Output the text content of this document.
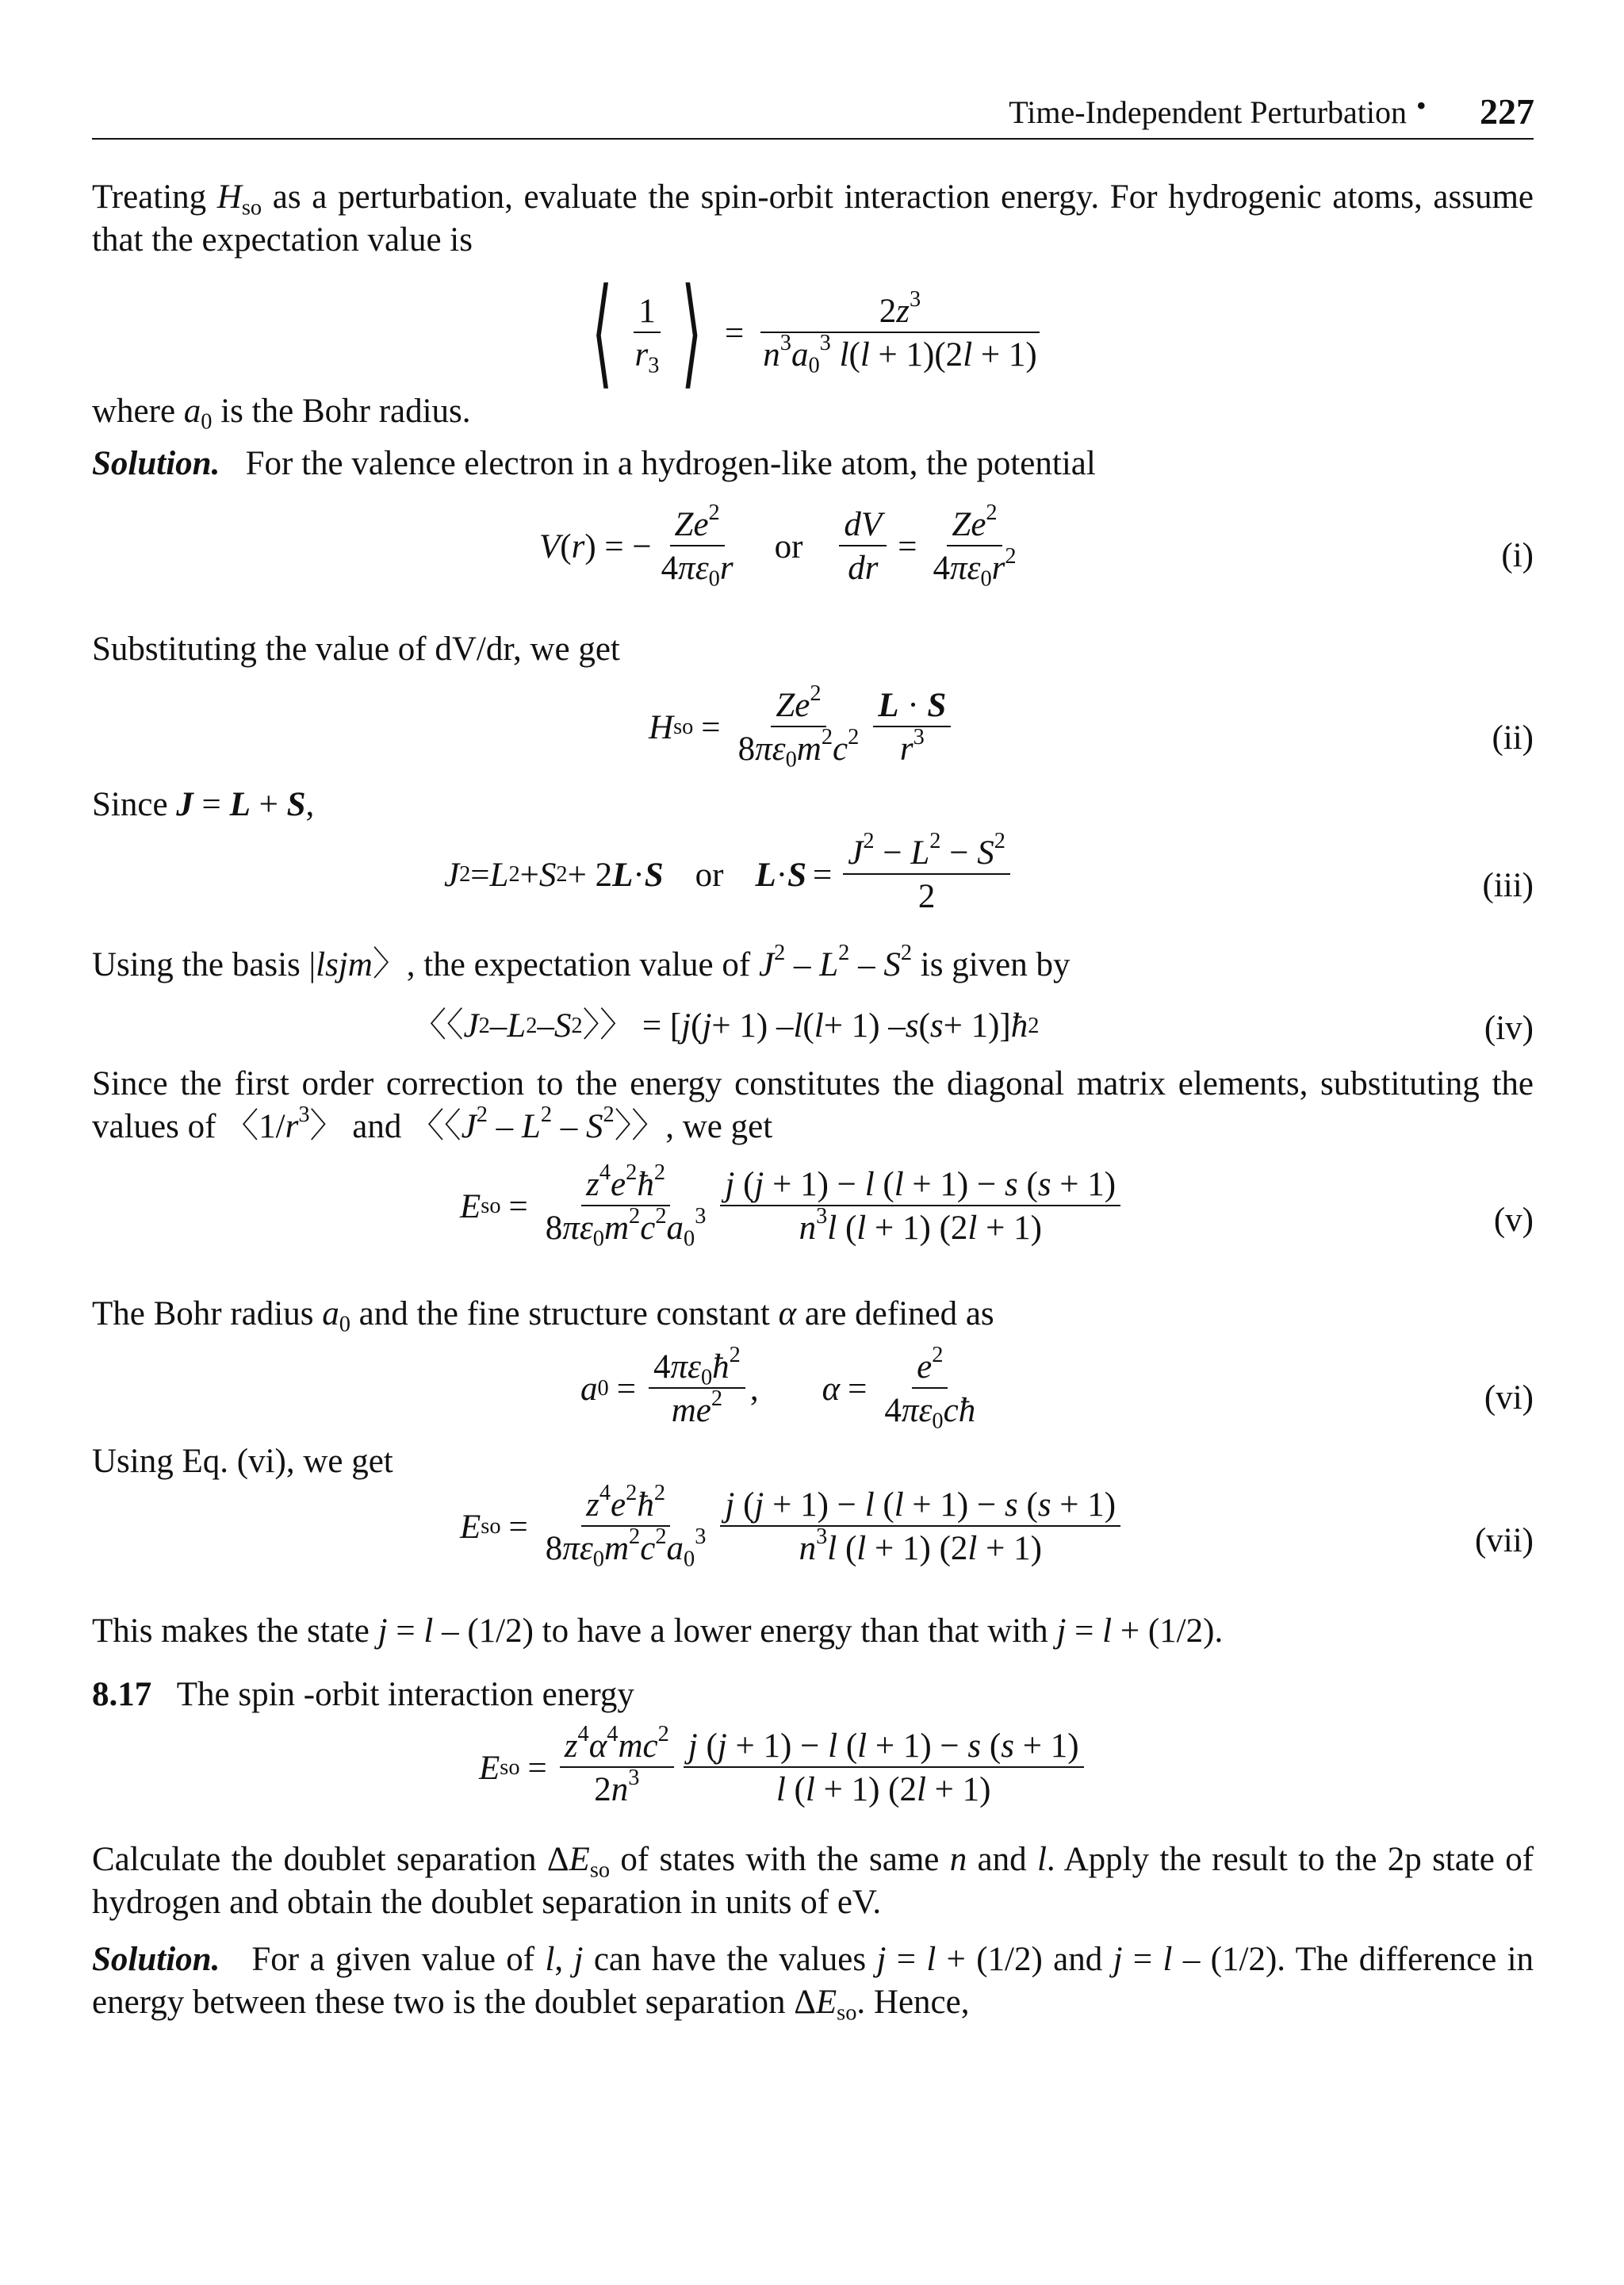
Time-Independent Perturbation • 227
Treating $H_{so}$ as a perturbation, evaluate the spin-orbit interaction energy. For hydrogenic atoms, assume that the expectation value is
⟨ $\frac{1}{r_3}$ ⟩ = $\frac{2z^3}{n^3a_0^3 l(l + 1)(2l + 1)}$
where $a_0$ is the Bohr radius.
Solution. For the valence electron in a hydrogen-like atom, the potential
V ( r ) = − $\frac{Ze^2}{4\pi\varepsilon_0r}$ or $\frac{dV}{dr} = \frac{Ze^2}{4\pi\varepsilon_0r^2}$	(i)
Substituting the value of dV/dr, we get
H so = $\frac{Ze^2}{8\pi\varepsilon_0m^2c^2} \frac{L \cdot S}{r^3}$	(ii)
Since J = L + S,
J 2 = L 2 + S 2 + 2 L · S or $L \cdot S = \frac{J^2 - L^2 - S^2}{2}$	(iii)
Using the basis |lsjm〉, the expectation value of $J^2 - L^2 - S^2$ is given by
〈〈 J 2 – L 2 – S 2 〉〉 = [ j ( j + 1) – l ( l + 1) – s ( s + 1)] ħ 2	(iv)
Since the first order correction to the energy constitutes the diagonal matrix elements, substituting the values of 〈$1/r^3$〉 and 〈〈$J^2 - L^2 - S^2$〉〉, we get
E so = $\frac{z^4e^2ħ^2}{8\pi\varepsilon_0m^2c^2a_0^3} \frac{j (j + 1) - l (l + 1) - s (s + 1)}{n^3l (l + 1) (2l + 1)}$	(v)
The Bohr radius $a_0$ and the fine structure constant α are defined as
a $0 = \frac{4\pi\varepsilon_0ħ^2}{me^2}$ , $\alpha = \frac{e^2}{4\pi\varepsilon_0cħ}$	(vi)
Using Eq. (vi), we get
E so = $\frac{z^4e^2ħ^2}{8\pi\varepsilon_0m^2c^2a_0^3} \frac{j (j + 1) - l (l + 1) - s (s + 1)}{n^3l (l + 1) (2l + 1)}$	(vii)
This makes the state j = l – (1/2) to have a lower energy than that with j = l + (1/2).
8.17 The spin -orbit interaction energy
E so = $\frac{z^4\alpha^4mc^2}{2n^3} \frac{j (j + 1) - l (l + 1) - s (s + 1)}{l (l + 1) (2l + 1)}$
Calculate the doublet separation $\Delta E_{so}$ of states with the same n and l. Apply the result to the 2p state of hydrogen and obtain the doublet separation in units of eV.
Solution. For a given value of l, j can have the values j = l + (1/2) and j = l – (1/2). The difference in energy between these two is the doublet separation $\Delta E_{so}$. Hence,
